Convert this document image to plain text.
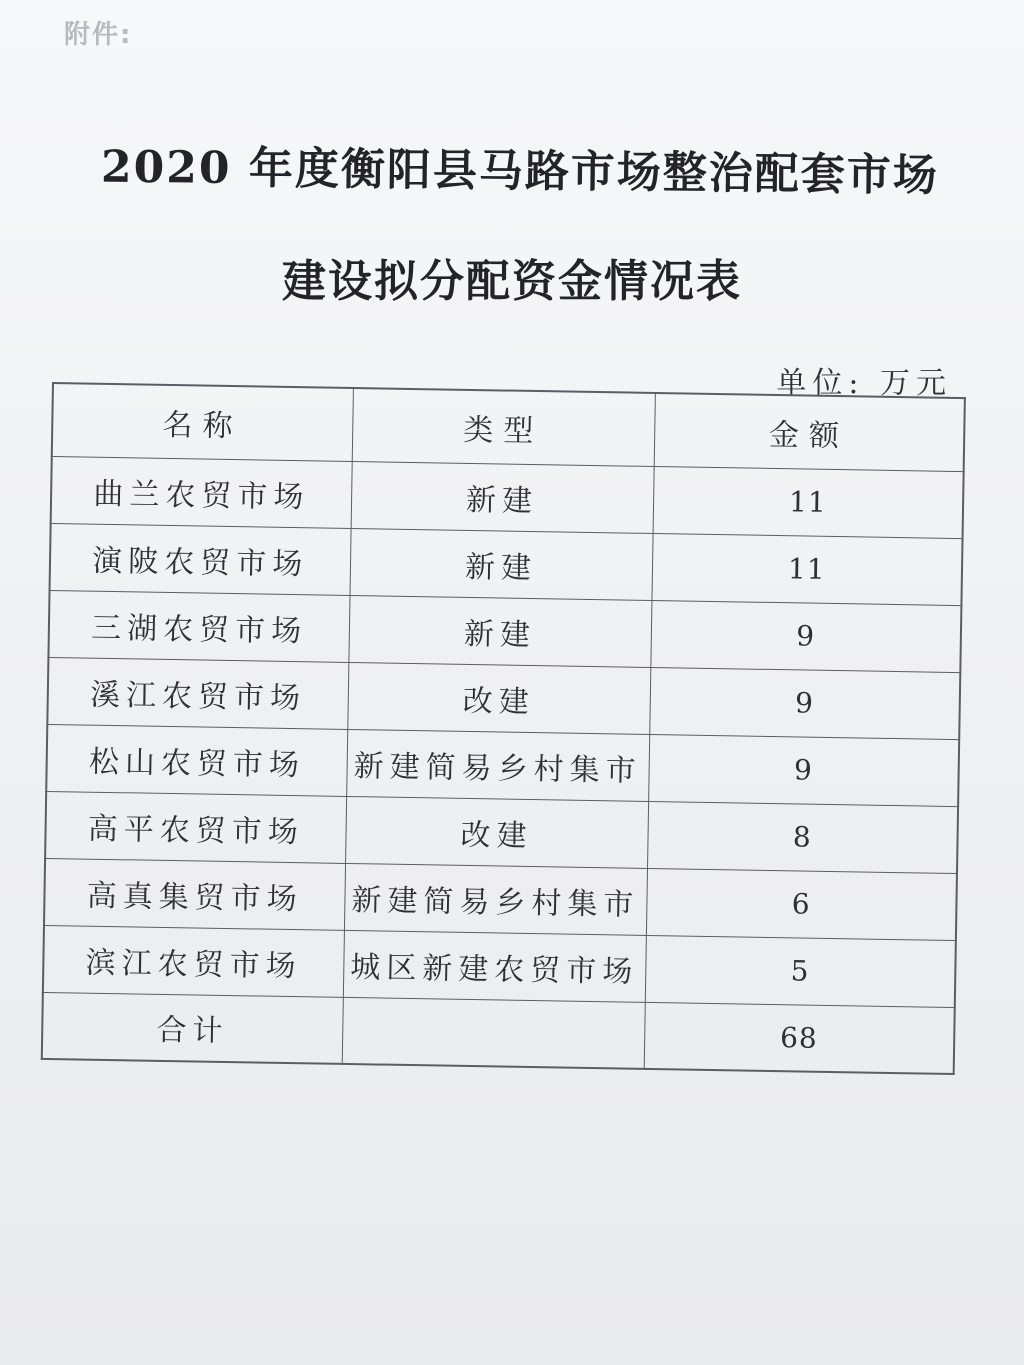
附件:
2020 年度衡阳县马路市场整治配套市场
建设拟分配资金情况表
单位: 万元
名称	类型	金额
曲兰农贸市场	新建	11
演陂农贸市场	新建	11
三湖农贸市场	新建	9
溪江农贸市场	改建	9
松山农贸市场	新建简易乡村集市	9
高平农贸市场	改建	8
高真集贸市场	新建简易乡村集市	6
滨江农贸市场	城区新建农贸市场	5
合计		68
